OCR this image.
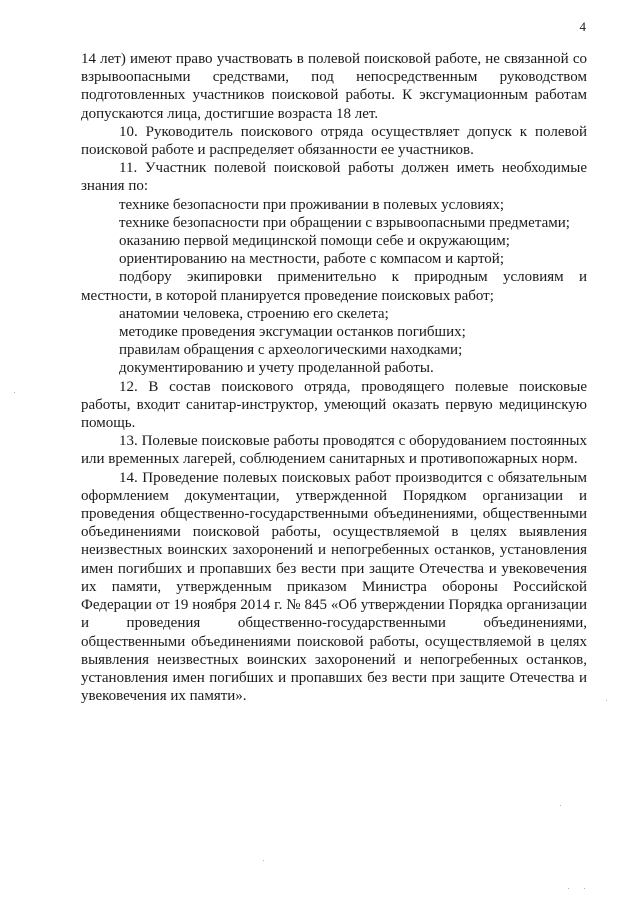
4

14 лет) имеют право участвовать в полевой поисковой работе, не связанной со взрывоопасными средствами, под непосредственным руководством подготовленных участников поисковой работы. К эксгумационным работам допускаются лица, достигшие возраста 18 лет.

10. Руководитель поискового отряда осуществляет допуск к полевой поисковой работе и распределяет обязанности ее участников.

11. Участник полевой поисковой работы должен иметь необходимые знания по:

технике безопасности при проживании в полевых условиях;

технике безопасности при обращении с взрывоопасными предметами;

оказанию первой медицинской помощи себе и окружающим;

ориентированию на местности, работе с компасом и картой;

подбору экипировки применительно к природным условиям и местности, в которой планируется проведение поисковых работ;

анатомии человека, строению его скелета;

методике проведения эксгумации останков погибших;

правилам обращения с археологическими находками;

документированию и учету проделанной работы.

12. В состав поискового отряда, проводящего полевые поисковые работы, входит санитар-инструктор, умеющий оказать первую медицинскую помощь.

13. Полевые поисковые работы проводятся с оборудованием постоянных или временных лагерей, соблюдением санитарных и противопожарных норм.

14. Проведение полевых поисковых работ производится с обязательным оформлением документации, утвержденной Порядком организации и проведения общественно-государственными объединениями, общественными объединениями поисковой работы, осуществляемой в целях выявления неизвестных воинских захоронений и непогребенных останков, установления имен погибших и пропавших без вести при защите Отечества и увековечения их памяти, утвержденным приказом Министра обороны Российской Федерации от 19 ноября 2014 г. № 845 «Об утверждении Порядка организации и проведения общественно-государственными объединениями, общественными объединениями поисковой работы, осуществляемой в целях выявления неизвестных воинских захоронений и непогребенных останков, установления имен погибших и пропавших без вести при защите Отечества и увековечения их памяти».
